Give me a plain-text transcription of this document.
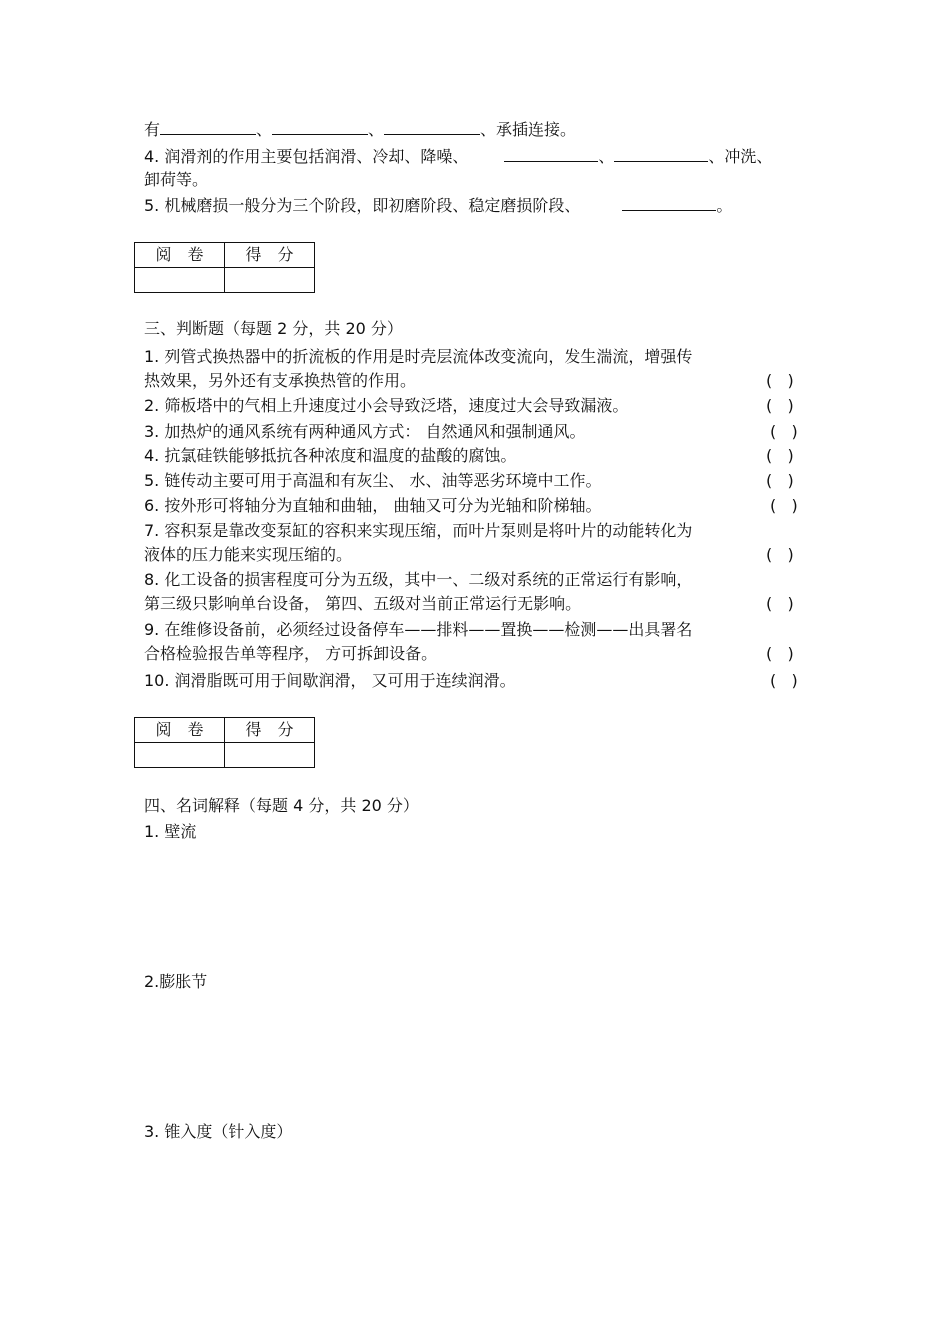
有	、	、	、承插连接。
4. 润滑剂的作用主要包括润滑、冷却、降噪、	、	、冲洗、
卸荷等。
5. 机械磨损一般分为三个阶段，即初磨阶段、稳定磨损阶段、	。
阅卷	得分

三、判断题（每题 2 分，共 20 分）
1. 列管式换热器中的折流板的作用是时壳层流体改变流向，发生湍流，增强传
热效果，另外还有支承换热管的作用。	(   )
2. 筛板塔中的气相上升速度过小会导致泛塔，速度过大会导致漏液。	(   )
3. 加热炉的通风系统有两种通风方式： 自然通风和强制通风。	(   )
4. 抗氯硅铁能够抵抗各种浓度和温度的盐酸的腐蚀。	(   )
5. 链传动主要可用于高温和有灰尘、 水、油等恶劣环境中工作。	(   )
6. 按外形可将轴分为直轴和曲轴， 曲轴又可分为光轴和阶梯轴。	(   )
7. 容积泵是靠改变泵缸的容积来实现压缩，而叶片泵则是将叶片的动能转化为
液体的压力能来实现压缩的。	(   )
8. 化工设备的损害程度可分为五级，其中一、二级对系统的正常运行有影响，
第三级只影响单台设备， 第四、五级对当前正常运行无影响。	(   )
9. 在维修设备前，必须经过设备停车——排料——置换——检测——出具署名
合格检验报告单等程序， 方可拆卸设备。	(   )
10. 润滑脂既可用于间歇润滑， 又可用于连续润滑。	(   )
阅卷	得分

四、名词解释（每题 4 分，共 20 分）
1. 壁流
2.膨胀节
3. 锥入度（针入度）
